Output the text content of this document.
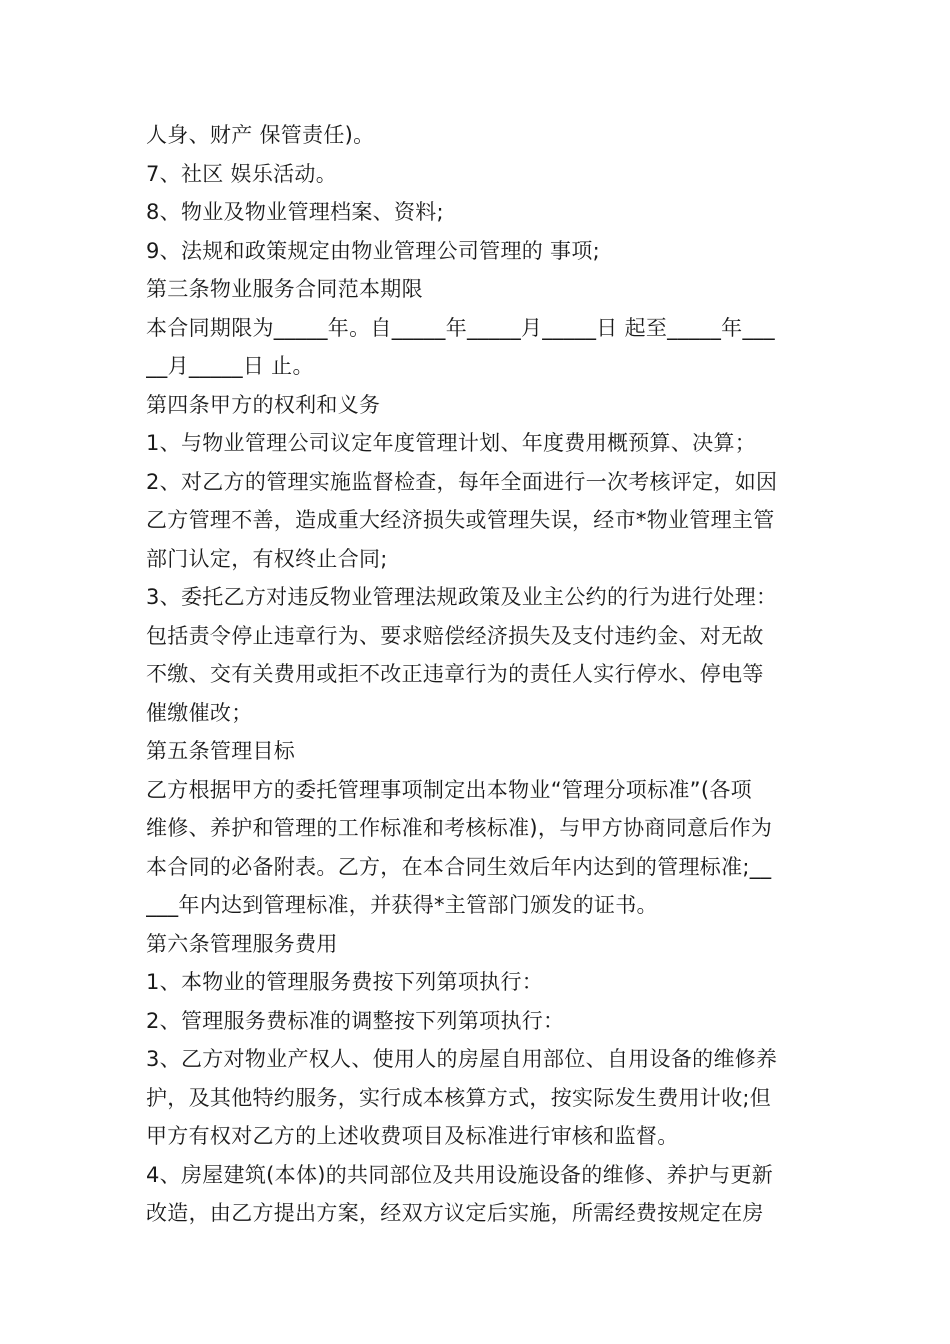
人身、财产 保管责任)。
7、社区 娱乐活动。
8、物业及物业管理档案、资料;
9、法规和政策规定由物业管理公司管理的 事项;
第三条物业服务合同范本期限
本合同期限为_____年。自_____年_____月_____日 起至_____年___
__月_____日 止。
第四条甲方的权利和义务
1、与物业管理公司议定年度管理计划、年度费用概预算、决算；
2、对乙方的管理实施监督检查，每年全面进行一次考核评定，如因
乙方管理不善，造成重大经济损失或管理失误，经市*物业管理主管
部门认定，有权终止合同;
3、委托乙方对违反物业管理法规政策及业主公约的行为进行处理：
包括责令停止违章行为、要求赔偿经济损失及支付违约金、对无故
不缴、交有关费用或拒不改正违章行为的责任人实行停水、停电等
催缴催改；
第五条管理目标
乙方根据甲方的委托管理事项制定出本物业“管理分项标准”(各项
维修、养护和管理的工作标准和考核标准)，与甲方协商同意后作为
本合同的必备附表。乙方，在本合同生效后年内达到的管理标准;__
___年内达到管理标准，并获得*主管部门颁发的证书。
第六条管理服务费用
1、本物业的管理服务费按下列第项执行：
2、管理服务费标准的调整按下列第项执行：
3、乙方对物业产权人、使用人的房屋自用部位、自用设备的维修养
护，及其他特约服务，实行成本核算方式，按实际发生费用计收;但
甲方有权对乙方的上述收费项目及标准进行审核和监督。
4、房屋建筑(本体)的共同部位及共用设施设备的维修、养护与更新
改造，由乙方提出方案，经双方议定后实施，所需经费按规定在房
